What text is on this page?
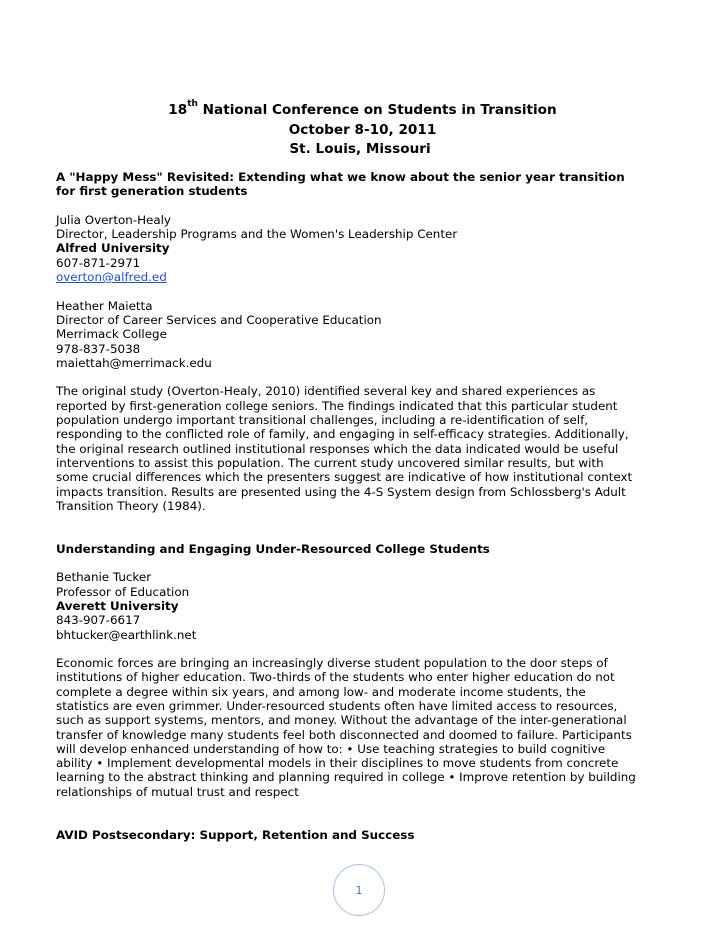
18th National Conference on Students in Transition
October 8-10, 2011
St. Louis, Missouri
A "Happy Mess" Revisited: Extending what we know about the senior year transition
for first generation students
Julia Overton-Healy
Director, Leadership Programs and the Women's Leadership Center
Alfred University
607-871-2971
overton@alfred.ed
Heather Maietta
Director of Career Services and Cooperative Education
Merrimack College
978-837-5038
maiettah@merrimack.edu
The original study (Overton-Healy, 2010) identified several key and shared experiences as
reported by first-generation college seniors. The findings indicated that this particular student
population undergo important transitional challenges, including a re-identification of self,
responding to the conflicted role of family, and engaging in self-efficacy strategies. Additionally,
the original research outlined institutional responses which the data indicated would be useful
interventions to assist this population. The current study uncovered similar results, but with
some crucial differences which the presenters suggest are indicative of how institutional context
impacts transition. Results are presented using the 4-S System design from Schlossberg's Adult
Transition Theory (1984).
Understanding and Engaging Under-Resourced College Students
Bethanie Tucker
Professor of Education
Averett University
843-907-6617
bhtucker@earthlink.net
Economic forces are bringing an increasingly diverse student population to the door steps of
institutions of higher education. Two-thirds of the students who enter higher education do not
complete a degree within six years, and among low- and moderate income students, the
statistics are even grimmer. Under-resourced students often have limited access to resources,
such as support systems, mentors, and money. Without the advantage of the inter-generational
transfer of knowledge many students feel both disconnected and doomed to failure. Participants
will develop enhanced understanding of how to: • Use teaching strategies to build cognitive
ability • Implement developmental models in their disciplines to move students from concrete
learning to the abstract thinking and planning required in college • Improve retention by building
relationships of mutual trust and respect
AVID Postsecondary: Support, Retention and Success
1
